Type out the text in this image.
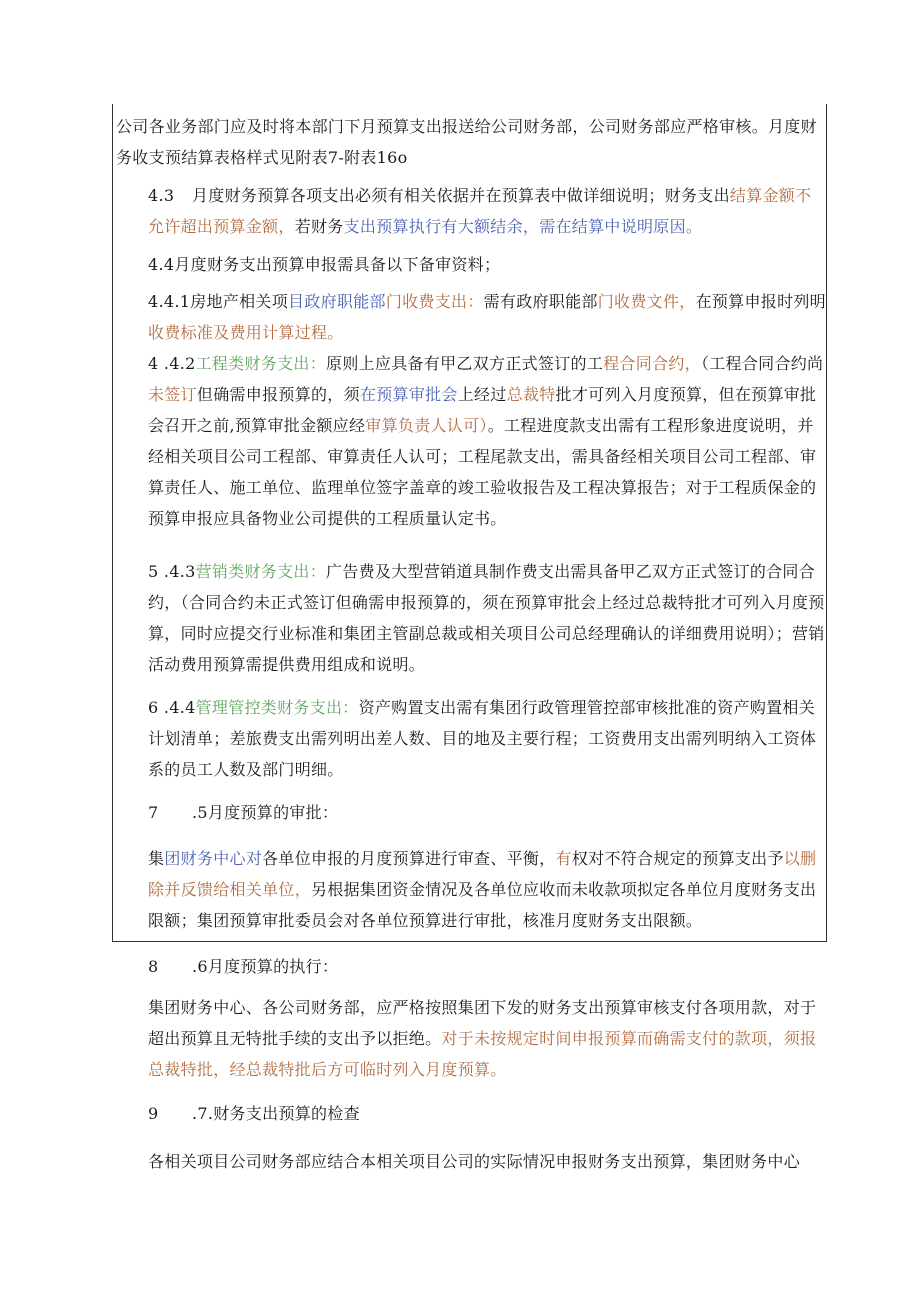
公司各业务部门应及时将本部门下月预算支出报送给公司财务部，公司财务部应严格审核。月度财务收支预结算表格样式见附表7-附表16o
4.3 月度财务预算各项支出必须有相关依据并在预算表中做详细说明；财务支出结算金额不允许超出预算金额，若财务支出预算执行有大额结余，需在结算中说明原因。
4.4月度财务支出预算申报需具备以下备审资料；
4.4.1房地产相关项目政府职能部门收费支出：需有政府职能部门收费文件，在预算申报时列明收费标准及费用计算过程。
4 .4.2工程类财务支出：原则上应具备有甲乙双方正式签订的工程合同合约，（工程合同合约尚未签订但确需申报预算的，须在预算审批会上经过总裁特批才可列入月度预算，但在预算审批会召开之前,预算审批金额应经审算负责人认可）。工程进度款支出需有工程形象进度说明，并经相关项目公司工程部、审算责任人认可；工程尾款支出，需具备经相关项目公司工程部、审算责任人、施工单位、监理单位签字盖章的竣工验收报告及工程决算报告；对于工程质保金的预算申报应具备物业公司提供的工程质量认定书。
5 .4.3营销类财务支出：广告费及大型营销道具制作费支出需具备甲乙双方正式签订的合同合约，（合同合约未正式签订但确需申报预算的，须在预算审批会上经过总裁特批才可列入月度预算，同时应提交行业标准和集团主管副总裁或相关项目公司总经理确认的详细费用说明）；营销活动费用预算需提供费用组成和说明。
6 .4.4管理管控类财务支出：资产购置支出需有集团行政管理管控部审核批准的资产购置相关计划清单；差旅费支出需列明出差人数、目的地及主要行程；工资费用支出需列明纳入工资体系的员工人数及部门明细。
7 .5月度预算的审批：
集团财务中心对各单位申报的月度预算进行审查、平衡，有权对不符合规定的预算支出予以删除并反馈给相关单位，另根据集团资金情况及各单位应收而未收款项拟定各单位月度财务支出限额；集团预算审批委员会对各单位预算进行审批，核准月度财务支出限额。
8 .6月度预算的执行：
集团财务中心、各公司财务部，应严格按照集团下发的财务支出预算审核支付各项用款，对于超出预算且无特批手续的支出予以拒绝。对于未按规定时间申报预算而确需支付的款项，须报总裁特批，经总裁特批后方可临时列入月度预算。
9 .7.财务支出预算的检查
各相关项目公司财务部应结合本相关项目公司的实际情况申报财务支出预算，集团财务中心
